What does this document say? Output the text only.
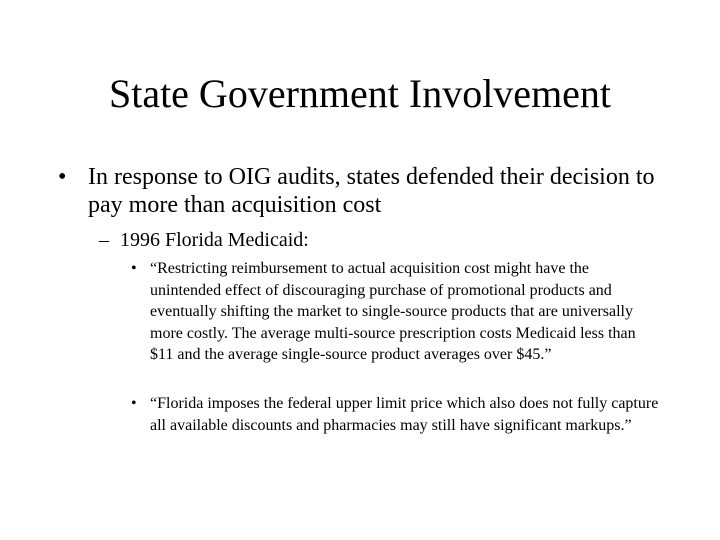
State Government Involvement
• In response to OIG audits, states defended their decision to pay more than acquisition cost
– 1996 Florida Medicaid:
• “Restricting reimbursement to actual acquisition cost might have the unintended effect of discouraging purchase of promotional products and eventually shifting the market to single-source products that are universally more costly. The average multi-source prescription costs Medicaid less than $11 and the average single-source product averages over $45.”
• “Florida imposes the federal upper limit price which also does not fully capture all available discounts and pharmacies may still have significant markups.”
